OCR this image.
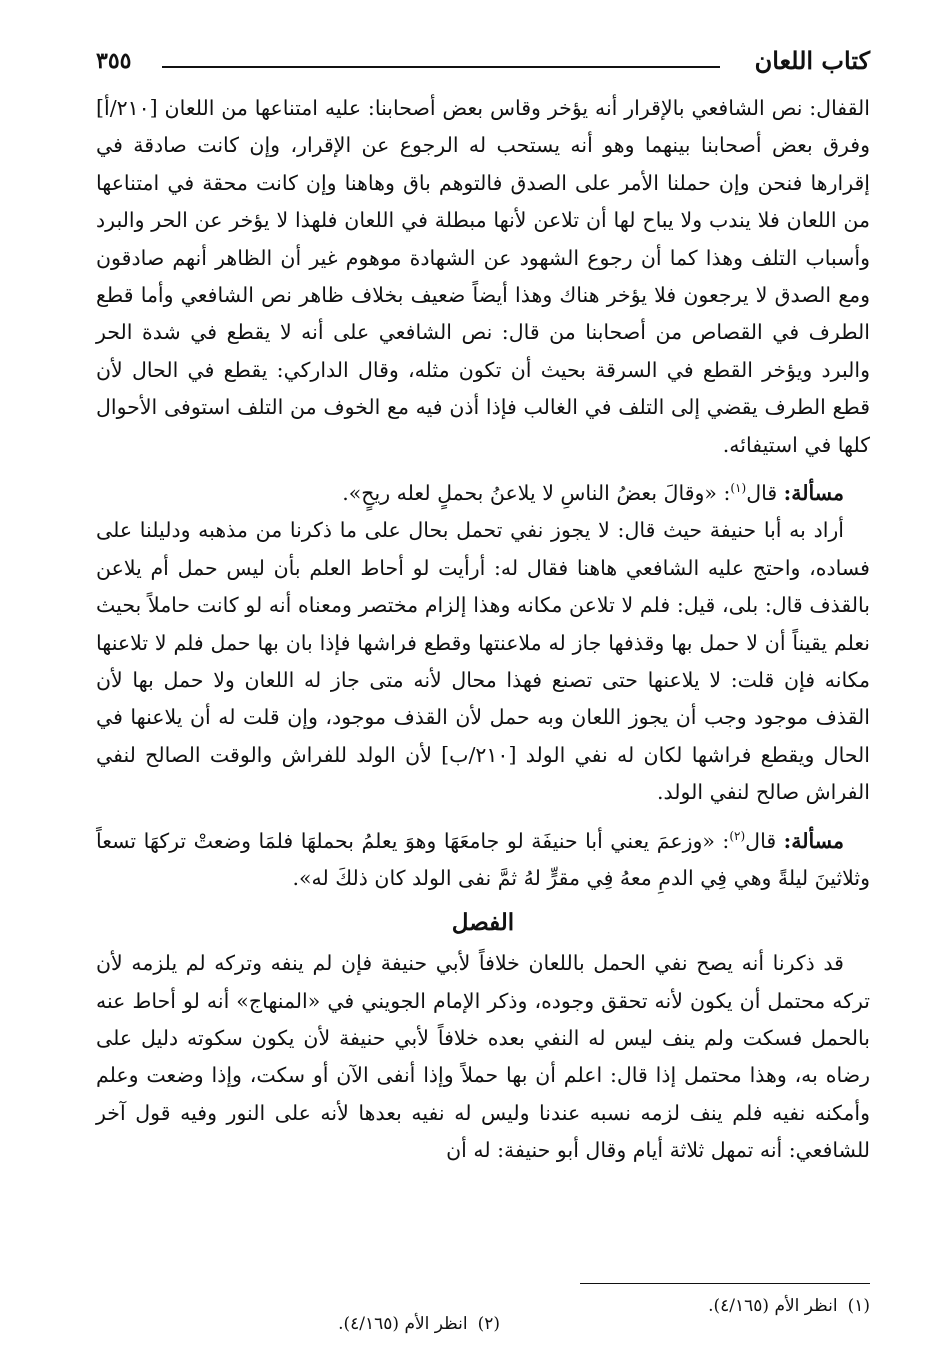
كتاب اللعان
٣٥٥

القفال: نص الشافعي بالإقرار أنه يؤخر وقاس بعض أصحابنا: عليه امتناعها من اللعان [٢١٠/أ] وفرق بعض أصحابنا بينهما وهو أنه يستحب له الرجوع عن الإقرار، وإن كانت صادقة في إقرارها فنحن وإن حملنا الأمر على الصدق فالتوهم باق وهاهنا وإن كانت محقة في امتناعها من اللعان فلا يندب ولا يباح لها أن تلاعن لأنها مبطلة في اللعان فلهذا لا يؤخر عن الحر والبرد وأسباب التلف وهذا كما أن رجوع الشهود عن الشهادة موهوم غير أن الظاهر أنهم صادقون ومع الصدق لا يرجعون فلا يؤخر هناك وهذا أيضاً ضعيف بخلاف ظاهر نص الشافعي وأما قطع الطرف في القصاص من أصحابنا من قال: نص الشافعي على أنه لا يقطع في شدة الحر والبرد ويؤخر القطع في السرقة بحيث أن تكون مثله، وقال الداركي: يقطع في الحال لأن قطع الطرف يقضي إلى التلف في الغالب فإذا أذن فيه مع الخوف من التلف استوفى الأحوال كلها في استيفائه.

مسألة: قال$^{(١)}$: «وقالَ بعضُ الناسِ لا يلاعنُ بحملٍ لعله ريحٍ».

أراد به أبا حنيفة حيث قال: لا يجوز نفي تحمل بحال على ما ذكرنا من مذهبه ودليلنا على فساده، واحتج عليه الشافعي هاهنا فقال له: أرأيت لو أحاط العلم بأن ليس حمل أم يلاعن بالقذف قال: بلى، قيل: فلم لا تلاعن مكانه وهذا إلزام مختصر ومعناه أنه لو كانت حاملاً بحيث نعلم يقيناً أن لا حمل بها وقذفها جاز له ملاعنتها وقطع فراشها فإذا بان بها حمل فلم لا تلاعنها مكانه فإن قلت: لا يلاعنها حتى تصنع فهذا محال لأنه متى جاز له اللعان ولا حمل بها لأن القذف موجود وجب أن يجوز اللعان وبه حمل لأن القذف موجود، وإن قلت له أن يلاعنها في الحال ويقطع فراشها لكان له نفي الولد [٢١٠/ب] لأن الولد للفراش والوقت الصالح لنفي الفراش صالح لنفي الولد.

مسألة: قال$^{(٢)}$: «وزعمَ يعني أبا حنيفَة لو جامعَهَا وهوَ يعلمُ بحملهَا فلمَا وضعتْ تركهَا تسعاً وثلاثينَ ليلةً وهي فِي الدمِ معهُ فِي مقرٍّ لهُ ثمَّ نفى الولد كان ذلكَ له».

الفصل

قد ذكرنا أنه يصح نفي الحمل باللعان خلافاً لأبي حنيفة فإن لم ينفه وتركه لم يلزمه لأن تركه محتمل أن يكون لأنه تحقق وجوده، وذكر الإمام الجويني في «المنهاج» أنه لو أحاط عنه بالحمل فسكت ولم ينف ليس له النفي بعده خلافاً لأبي حنيفة لأن يكون سكوته دليل على رضاه به، وهذا محتمل إذا قال: اعلم أن بها حملاً وإذا أنفى الآن أو سكت، وإذا وضعت وعلم وأمكنه نفيه فلم ينف لزمه نسبه عندنا وليس له نفيه بعدها لأنه على النور وفيه قول آخر للشافعي: أنه تمهل ثلاثة أيام وقال أبو حنيفة: له أن

(١)انظر الأم (٤/١٦٥).
(٢)انظر الأم (٤/١٦٥).
